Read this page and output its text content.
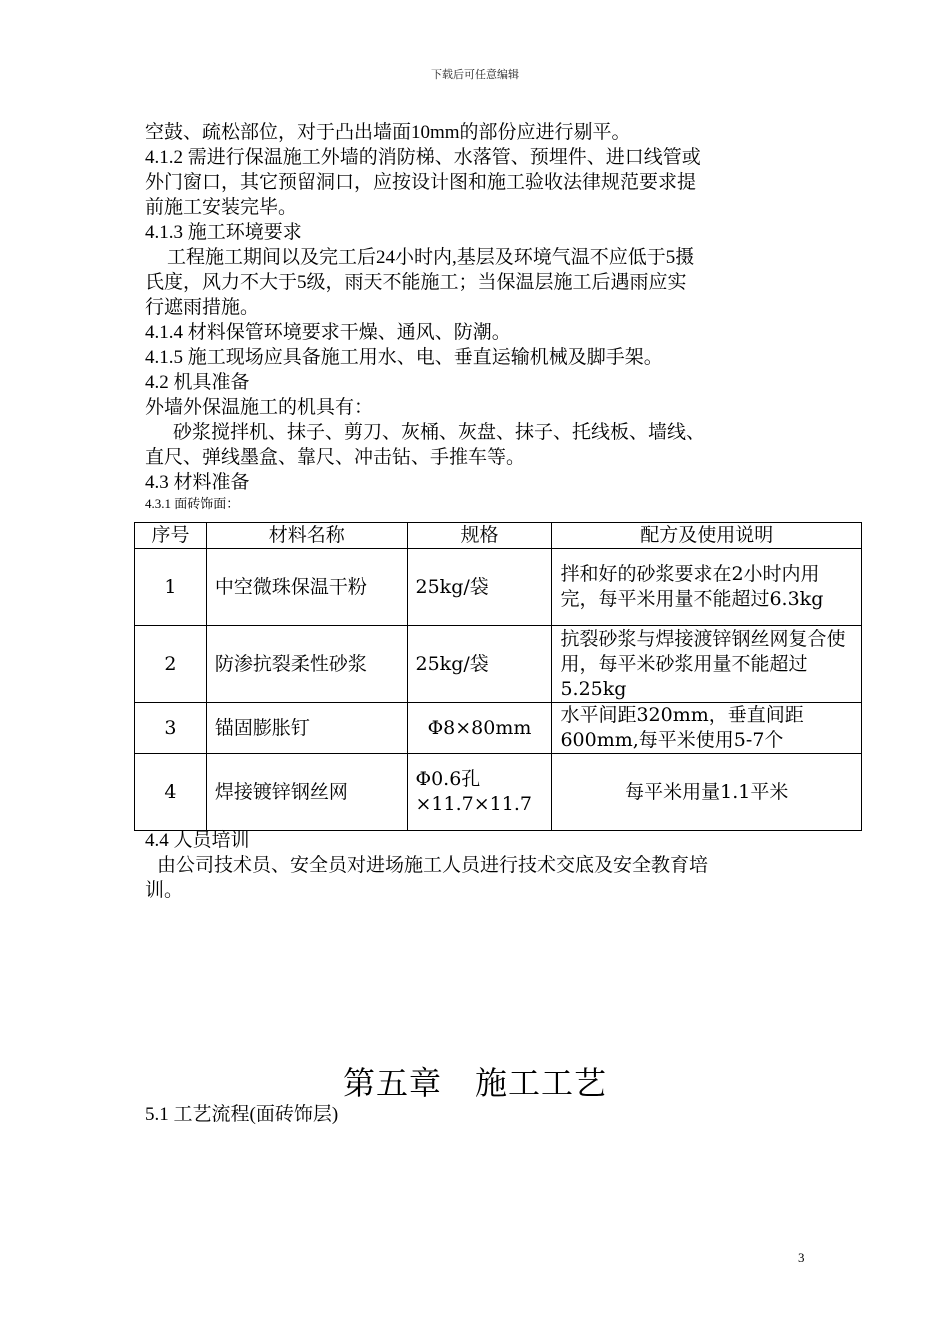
下载后可任意编辑

空鼓、疏松部位，对于凸出墙面10mm的部份应进行剔平。

4.1.2 需进行保温施工外墙的消防梯、水落管、预埋件、进口线管或

外门窗口，其它预留洞口，应按设计图和施工验收法律规范要求提

前施工安装完毕。

4.1.3 施工环境要求

工程施工期间以及完工后24小时内,基层及环境气温不应低于5摄

氏度，风力不大于5级，雨天不能施工；当保温层施工后遇雨应实

行遮雨措施。

4.1.4 材料保管环境要求干燥、通风、防潮。

4.1.5 施工现场应具备施工用水、电、垂直运输机械及脚手架。

4.2 机具准备

外墙外保温施工的机具有：

砂浆搅拌机、抹子、剪刀、灰桶、灰盘、抹子、托线板、墙线、

直尺、弹线墨盒、靠尺、冲击钻、手推车等。

4.3 材料准备

4.3.1 面砖饰面：

序号	材料名称	规格	配方及使用说明
1	中空微珠保温干粉	25kg/袋	拌和好的砂浆要求在2小时内用完，每平米用量不能超过6.3kg
2	防渗抗裂柔性砂浆	25kg/袋	抗裂砂浆与焊接渡锌钢丝网复合使用，每平米砂浆用量不能超过5.25kg
3	锚固膨胀钉	Φ8×80mm	水平间距320mm，垂直间距600mm,每平米使用5-7个
4	焊接镀锌钢丝网	Φ0.6孔×11.7×11.7	每平米用量1.1平米

4.4 人员培训

由公司技术员、安全员对进场施工人员进行技术交底及安全教育培

训。

第五章　施工工艺

5.1 工艺流程(面砖饰层)

3
